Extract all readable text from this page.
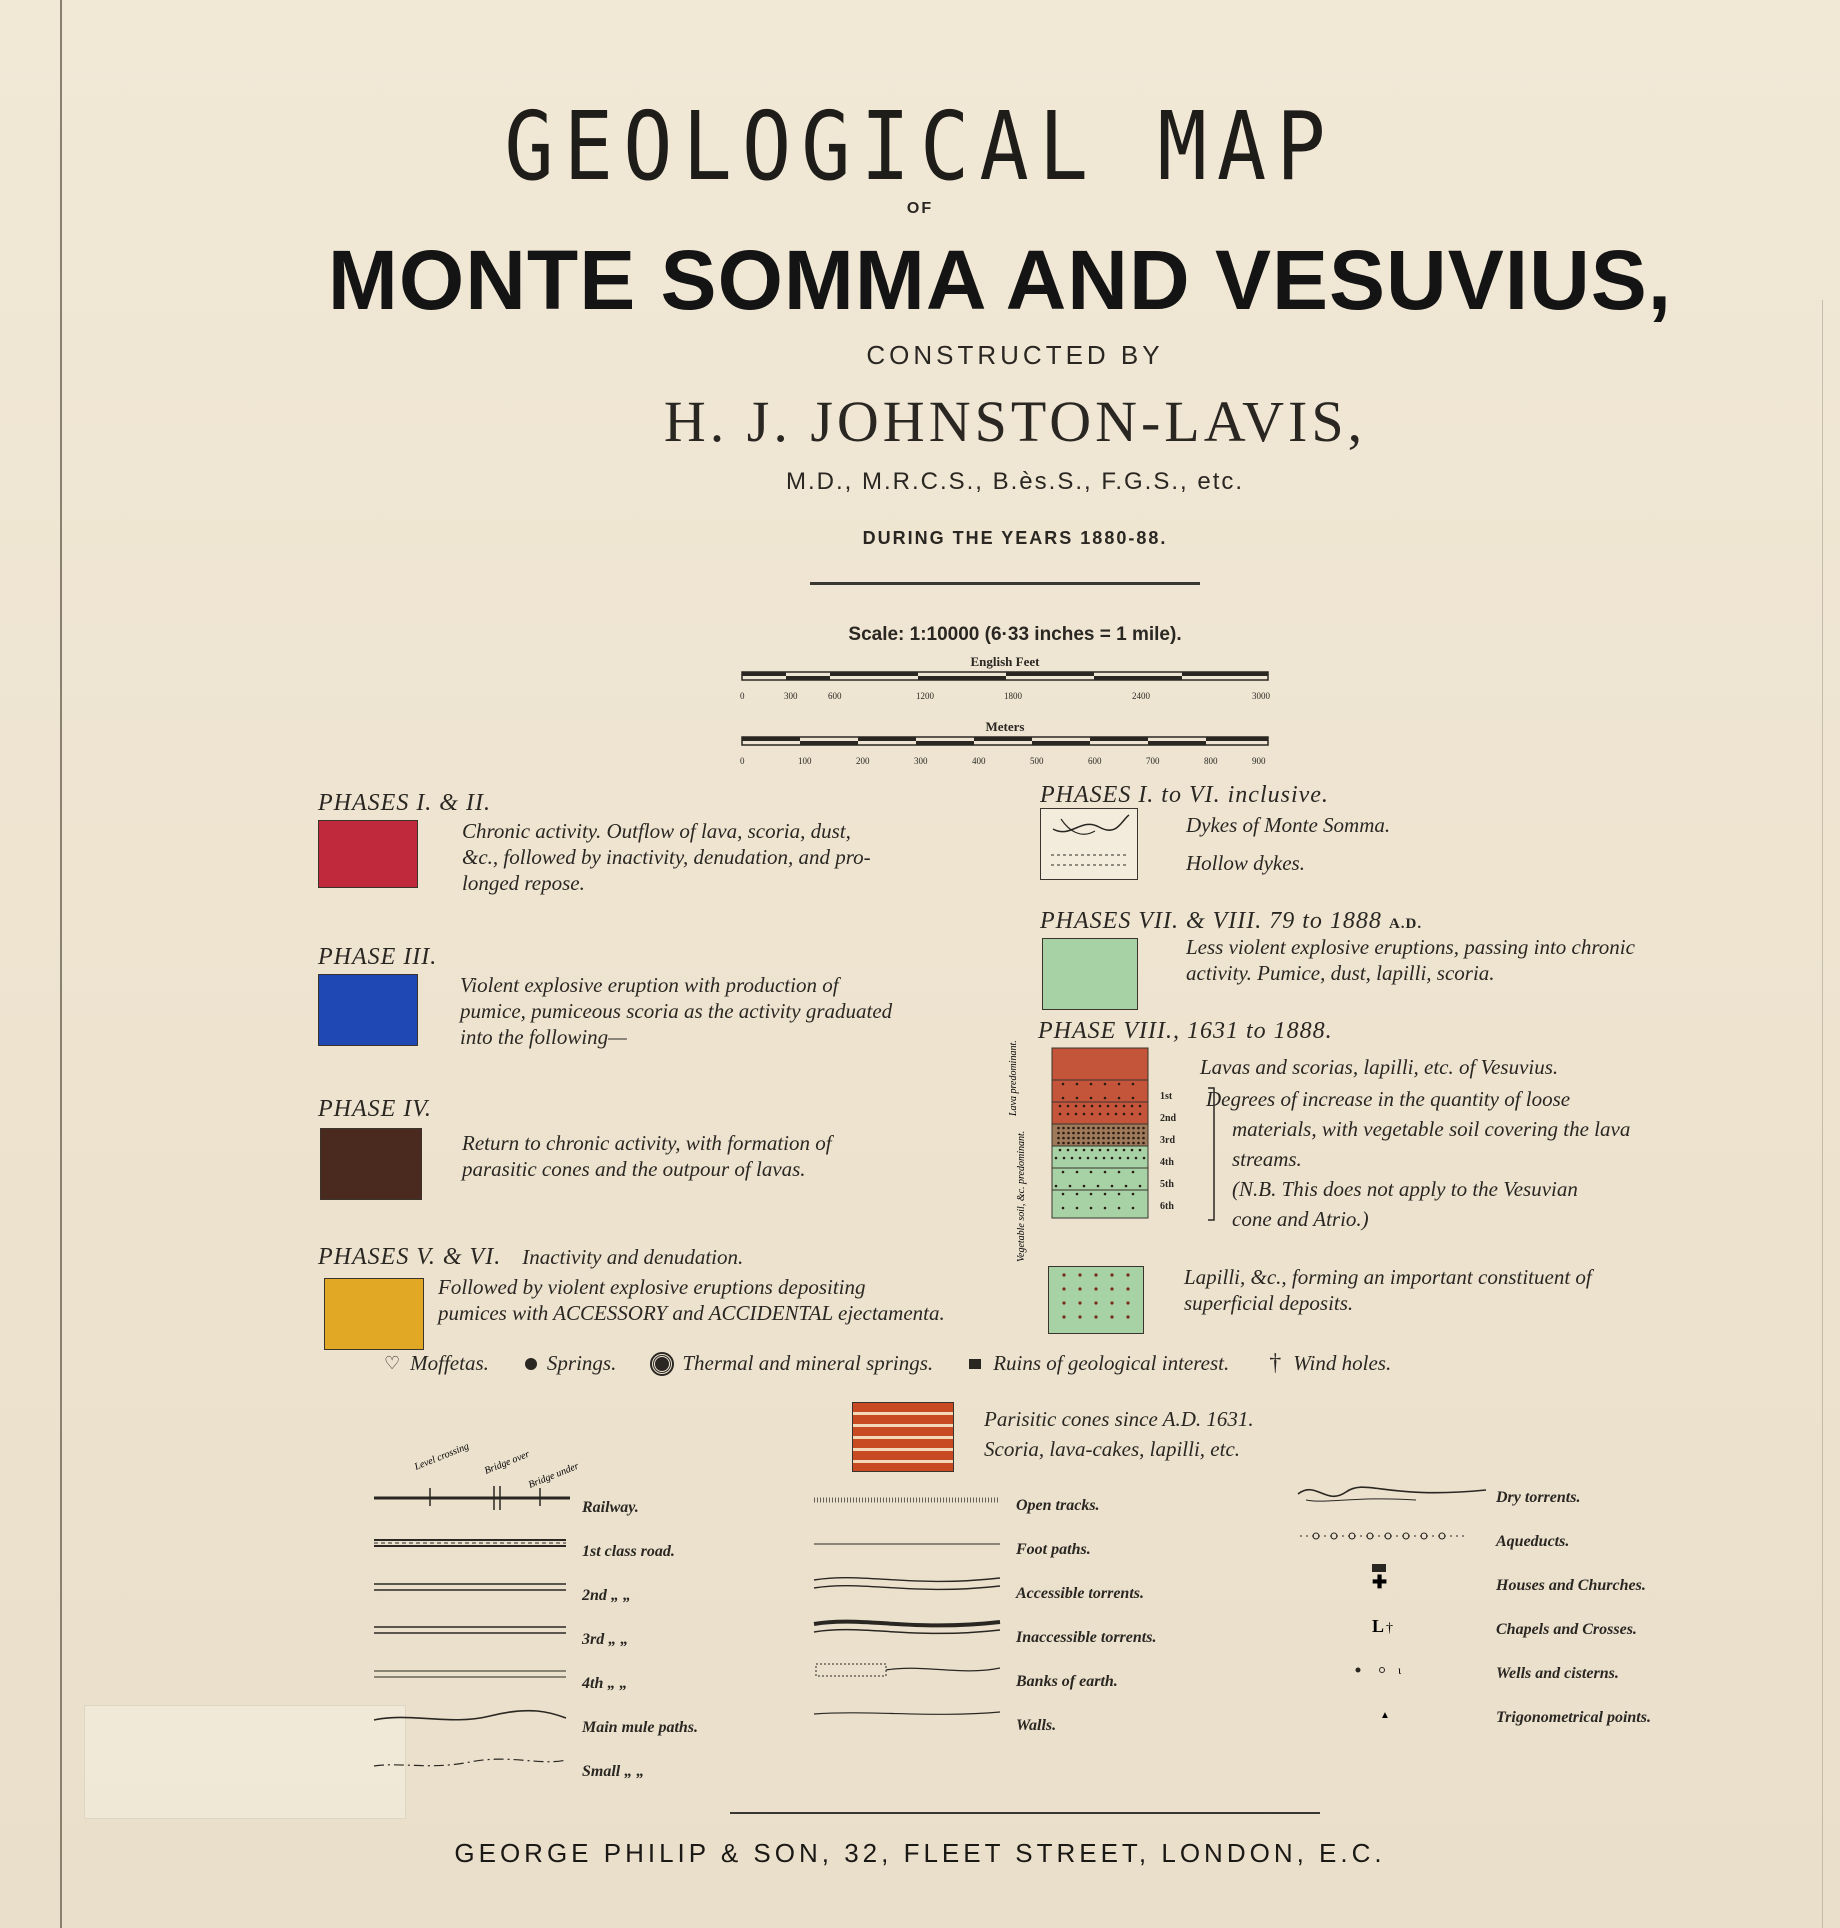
GEOLOGICAL MAP
OF
MONTE SOMMA AND VESUVIUS,
CONSTRUCTED BY
H. J. JOHNSTON-LAVIS,
M.D., M.R.C.S., B.ès.S., F.G.S., etc.
DURING THE YEARS 1880-88.
Scale: 1:10000 (6·33 inches = 1 mile).
English Feet
0	300	600	1200	1800	2400	3000
Meters
0	100	200	300	400	500	600	700	800	900
PHASES I. & II.
Chronic activity. Outflow of lava, scoria, dust,
&c., followed by inactivity, denudation, and pro-
longed repose.
PHASE III.
Violent explosive eruption with production of
pumice, pumiceous scoria as the activity graduated
into the following—
PHASE IV.
Return to chronic activity, with formation of
parasitic cones and the outpour of lavas.
PHASES V. & VI. Inactivity and denudation.
Followed by violent explosive eruptions depositing
pumices with ACCESSORY and ACCIDENTAL ejectamenta.
PHASES I. to VI. inclusive.
Dykes of Monte Somma.
Hollow dykes.
PHASES VII. & VIII. 79 to 1888 A.D.
Less violent explosive eruptions, passing into chronic
activity. Pumice, dust, lapilli, scoria.
PHASE VIII., 1631 to 1888.
Lavas and scorias, lapilli, etc. of Vesuvius.
Lava predominant.
Vegetable soil, &c. predominant.
1st
2nd
3rd
4th
5th
6th
Degrees of increase in the quantity of loose
materials, with vegetable soil covering the lava
streams.
(N.B. This does not apply to the Vesuvian
cone and Atrio.)
Lapilli, &c., forming an important constituent of
superficial deposits.
♡ Moffetas.	Springs.	Thermal and mineral springs.	Ruins of geological interest. † Wind holes.
Parisitic cones since A.D. 1631.
Scoria, lava-cakes, lapilli, etc.
Level crossing Bridge over
Bridge under
Railway.
1st class road.
2nd „ „
3rd „ „
4th „ „
Main mule paths.
Small „ „
Open tracks.
Foot paths.
Accessible torrents.
Inaccessible torrents.
Banks of earth.
Walls.
✚
L †
ι
▲
Dry torrents.
Aqueducts.
Houses and Churches.
Chapels and Crosses.
Wells and cisterns.
Trigonometrical points.
GEORGE PHILIP & SON, 32, FLEET STREET, LONDON, E.C.
